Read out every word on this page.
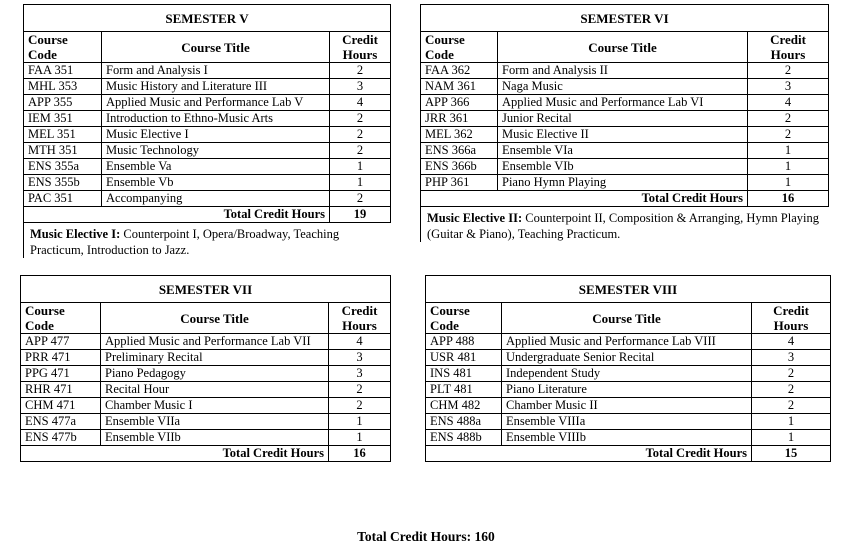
SEMESTER V		
Course
Code	Course Title	Credit
Hours
FAA 351	Form and Analysis I	2
MHL 353	Music History and Literature III	3
APP 355	Applied Music and Performance Lab V	4
IEM 351	Introduction to Ethno-Music Arts	2
MEL 351	Music Elective I	2
MTH 351	Music Technology	2
ENS 355a	Ensemble Va	1
ENS 355b	Ensemble Vb	1
PAC 351	Accompanying	2
Total Credit Hours		19
Music Elective I: Counterpoint I, Opera/Broadway, Teaching Practicum, Introduction to Jazz.
SEMESTER VI		
Course
Code	Course Title	Credit
Hours
FAA 362	Form and Analysis II	2
NAM 361	Naga Music	3
APP 366	Applied Music and Performance Lab VI	4
JRR 361	Junior Recital	2
MEL 362	Music Elective II	2
ENS 366a	Ensemble VIa	1
ENS 366b	Ensemble VIb	1
PHP 361	Piano Hymn Playing	1
Total Credit Hours		16
Music Elective II: Counterpoint II, Composition & Arranging, Hymn Playing (Guitar & Piano), Teaching Practicum.
SEMESTER VII		
Course
Code	Course Title	Credit
Hours
APP 477	Applied Music and Performance Lab VII	4
PRR 471	Preliminary Recital	3
PPG 471	Piano Pedagogy	3
RHR 471	Recital Hour	2
CHM 471	Chamber Music I	2
ENS 477a	Ensemble VIIa	1
ENS 477b	Ensemble VIIb	1
Total Credit Hours		16
SEMESTER VIII		
Course
Code	Course Title	Credit
Hours
APP 488	Applied Music and Performance Lab VIII	4
USR 481	Undergraduate Senior Recital	3
INS 481	Independent Study	2
PLT 481	Piano Literature	2
CHM 482	Chamber Music II	2
ENS 488a	Ensemble VIIIa	1
ENS 488b	Ensemble VIIIb	1
Total Credit Hours		15
Total Credit Hours: 160
